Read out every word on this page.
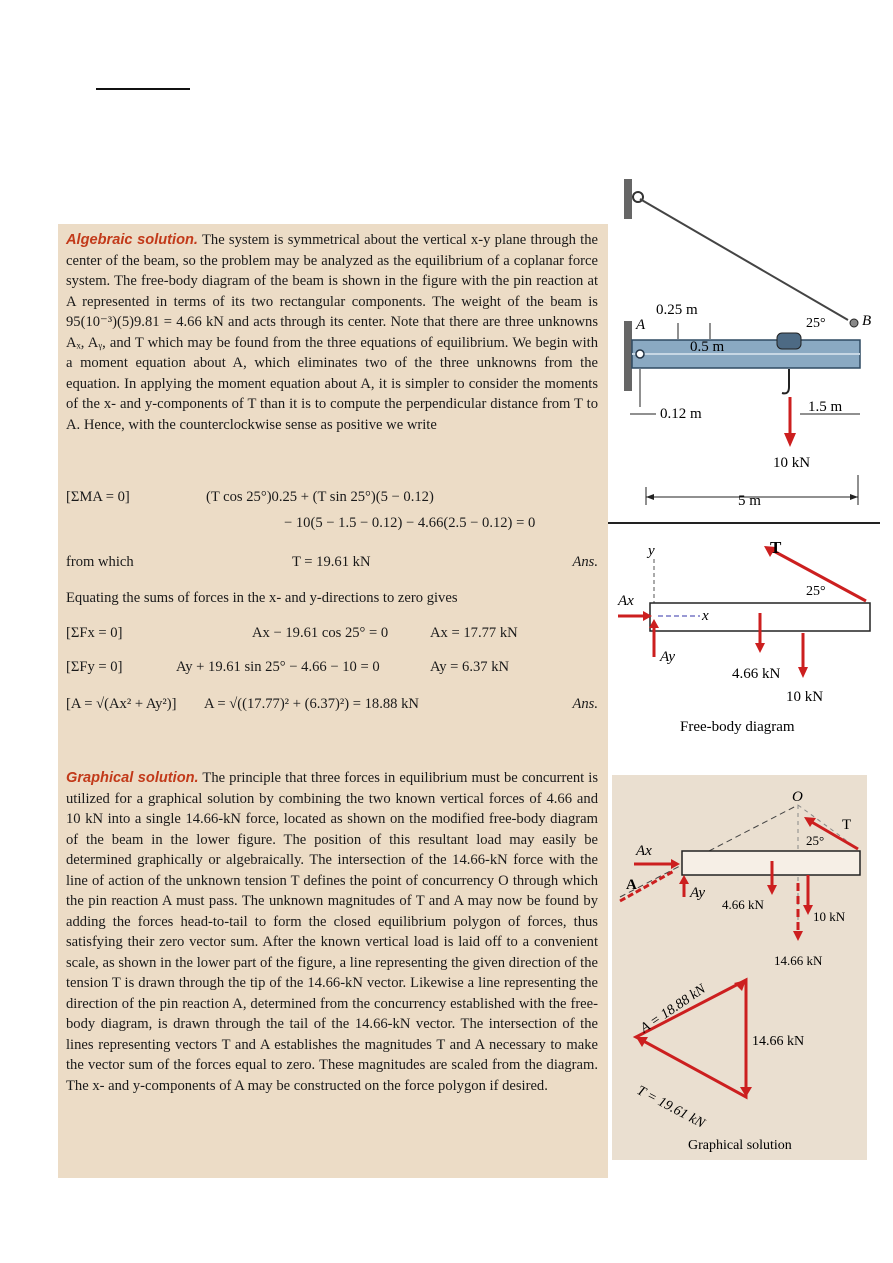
Algebraic solution. The system is symmetrical about the vertical x-y plane through the center of the beam, so the problem may be analyzed as the equilibrium of a coplanar force system. The free-body diagram of the beam is shown in the figure with the pin reaction at A represented in terms of its two rectangular components. The weight of the beam is 95(10⁻³)(5)9.81 = 4.66 kN and acts through its center. Note that there are three unknowns Aₓ, Aᵧ, and T which may be found from the three equations of equilibrium. We begin with a moment equation about A, which eliminates two of the three unknowns from the equation. In applying the moment equation about A, it is simpler to consider the moments of the x- and y-components of T than it is to compute the perpendicular distance from T to A. Hence, with the counterclockwise sense as positive we write
[ΣMA = 0]	(T cos 25°)0.25 + (T sin 25°)(5 − 0.12)
− 10(5 − 1.5 − 0.12) − 4.66(2.5 − 0.12) = 0
from which	T = 19.61 kN	Ans.
Equating the sums of forces in the x- and y-directions to zero gives
[ΣFx = 0]	Ax − 19.61 cos 25° = 0	Ax = 17.77 kN
[ΣFy = 0]	Ay + 19.61 sin 25° − 4.66 − 10 = 0	Ay = 6.37 kN
[A = √(Ax² + Ay²)] A = √((17.77)² + (6.37)²) = 18.88 kN	Ans.
Graphical solution. The principle that three forces in equilibrium must be concurrent is utilized for a graphical solution by combining the two known vertical forces of 4.66 and 10 kN into a single 14.66-kN force, located as shown on the modified free-body diagram of the beam in the lower figure. The position of this resultant load may easily be determined graphically or algebraically. The intersection of the 14.66-kN force with the line of action of the unknown tension T defines the point of concurrency O through which the pin reaction A must pass. The unknown magnitudes of T and A may now be found by adding the forces head-to-tail to form the closed equilibrium polygon of forces, thus satisfying their zero vector sum. After the known vertical load is laid off to a convenient scale, as shown in the lower part of the figure, a line representing the given direction of the tension T is drawn through the tip of the 14.66-kN vector. Likewise a line representing the direction of the pin reaction A, determined from the concurrency established with the free-body diagram, is drawn through the tail of the 14.66-kN vector. The intersection of the lines representing vectors T and A establishes the magnitudes T and A necessary to make the vector sum of the forces equal to zero. These magnitudes are scaled from the diagram. The x- and y-components of A may be constructed on the force polygon if desired.
0.25 m
25° B
A
0.5 m
0.12 m	1.5 m
10 kN
5 m
y	T
25°
Ax
x
Ay
4.66 kN
10 kN
Free-body diagram
O
T
25°
Ax
A	Ay
4.66 kN
10 kN
14.66 kN
A = 18.88 kN
14.66 kN
T = 19.61 kN
Graphical solution
